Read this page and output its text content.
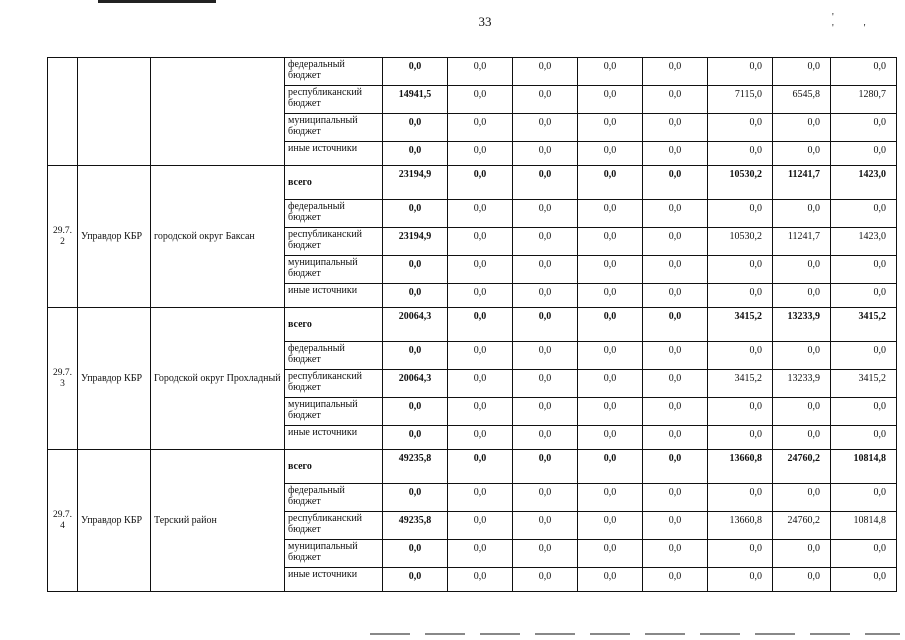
33	' ''
			федеральный бюджет	0,0	0,0	0,0	0,0	0,0	0,0	0,0	0,0
			республиканский бюджет	14941,5	0,0	0,0	0,0	0,0	7115,0	6545,8	1280,7
			муниципальный бюджет	0,0	0,0	0,0	0,0	0,0	0,0	0,0	0,0
			иные источники	0,0	0,0	0,0	0,0	0,0	0,0	0,0	0,0
29.7. 2	Управдор КБР	городской округ Баксан	всего	23194,9	0,0	0,0	0,0	0,0	10530,2	11241,7	1423,0
			федеральный бюджет	0,0	0,0	0,0	0,0	0,0	0,0	0,0	0,0
			республиканский бюджет	23194,9	0,0	0,0	0,0	0,0	10530,2	11241,7	1423,0
			муниципальный бюджет	0,0	0,0	0,0	0,0	0,0	0,0	0,0	0,0
			иные источники	0,0	0,0	0,0	0,0	0,0	0,0	0,0	0,0
29.7. 3	Управдор КБР	Городской округ Прохладный	всего	20064,3	0,0	0,0	0,0	0,0	3415,2	13233,9	3415,2
			федеральный бюджет	0,0	0,0	0,0	0,0	0,0	0,0	0,0	0,0
			республиканский бюджет	20064,3	0,0	0,0	0,0	0,0	3415,2	13233,9	3415,2
			муниципальный бюджет	0,0	0,0	0,0	0,0	0,0	0,0	0,0	0,0
			иные источники	0,0	0,0	0,0	0,0	0,0	0,0	0,0	0,0
29.7. 4	Управдор КБР	Терский район	всего	49235,8	0,0	0,0	0,0	0,0	13660,8	24760,2	10814,8
			федеральный бюджет	0,0	0,0	0,0	0,0	0,0	0,0	0,0	0,0
			республиканский бюджет	49235,8	0,0	0,0	0,0	0,0	13660,8	24760,2	10814,8
			муниципальный бюджет	0,0	0,0	0,0	0,0	0,0	0,0	0,0	0,0
			иные источники	0,0	0,0	0,0	0,0	0,0	0,0	0,0	0,0
